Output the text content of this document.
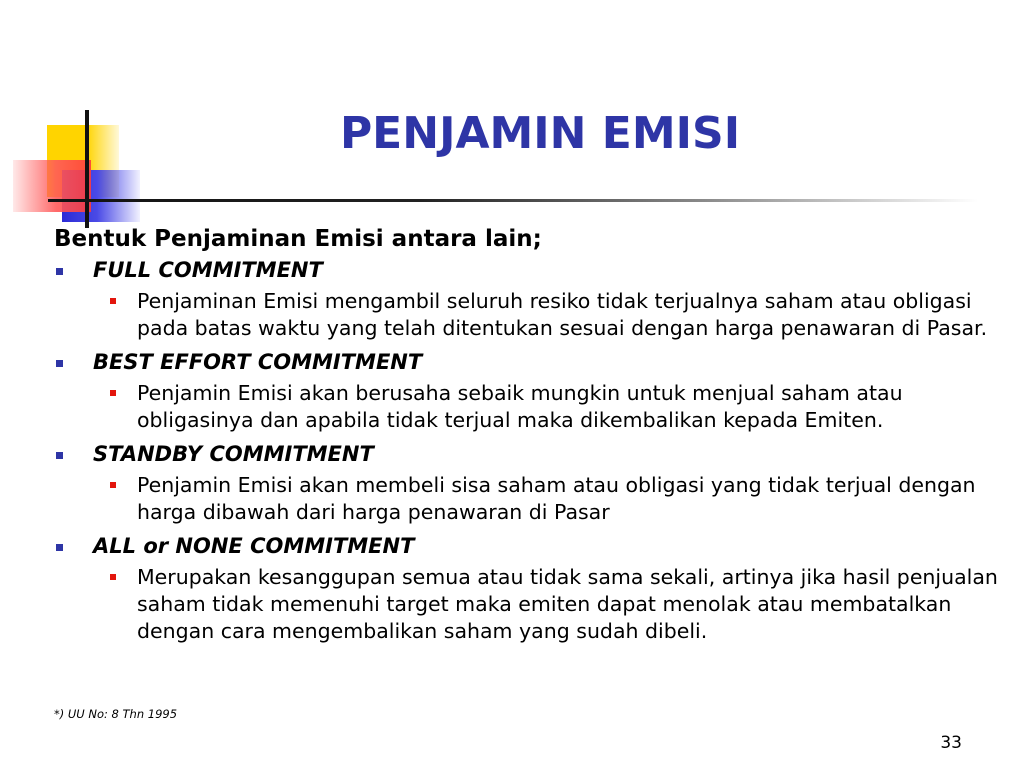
PENJAMIN EMISI
Bentuk Penjaminan Emisi antara lain;
FULL COMMITMENT
Penjaminan Emisi mengambil seluruh resiko tidak terjualnya saham atau obligasi pada batas waktu yang telah ditentukan sesuai dengan harga penawaran di Pasar.
BEST EFFORT COMMITMENT
Penjamin Emisi akan berusaha sebaik mungkin untuk menjual saham atau obligasinya dan apabila tidak terjual maka dikembalikan kepada Emiten.
STANDBY COMMITMENT
Penjamin Emisi akan membeli sisa saham atau obligasi yang tidak terjual dengan harga dibawah dari harga penawaran di Pasar
ALL or NONE COMMITMENT
Merupakan kesanggupan semua atau tidak sama sekali, artinya jika hasil penjualan saham tidak memenuhi target maka emiten dapat menolak atau membatalkan dengan cara mengembalikan saham yang sudah dibeli.
*) UU No: 8 Thn 1995
33
